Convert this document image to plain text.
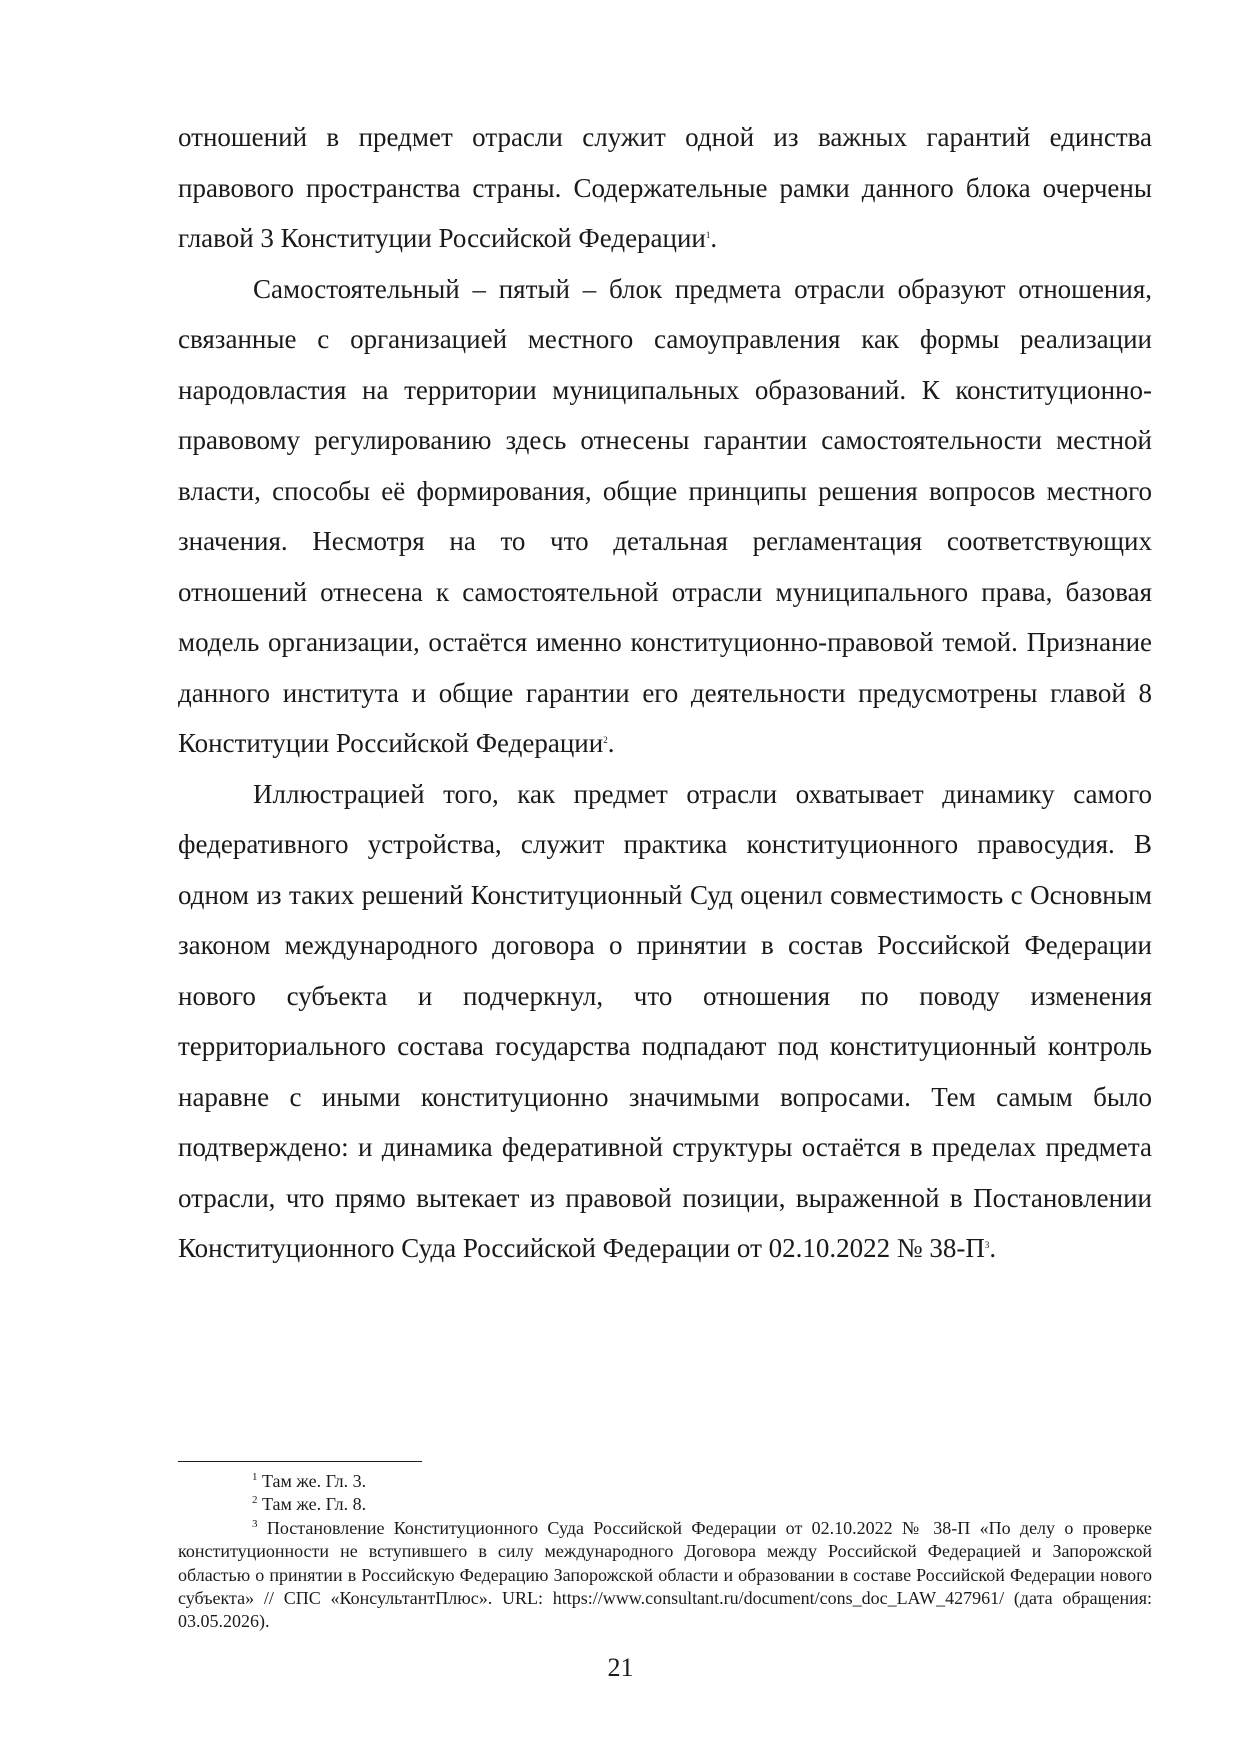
отношений в предмет отрасли служит одной из важных гарантий единства правового пространства страны. Содержательные рамки данного блока очерчены главой 3 Конституции Российской Федерации$^1$.

Самостоятельный – пятый – блок предмета отрасли образуют отношения, связанные с организацией местного самоуправления как формы реализации народовластия на территории муниципальных образований. К конституционно-правовому регулированию здесь отнесены гарантии самостоятельности местной власти, способы её формирования, общие принципы решения вопросов местного значения. Несмотря на то что детальная регламентация соответствующих отношений отнесена к самостоятельной отрасли муниципального права, базовая модель организации, остаётся именно конституционно-правовой темой. Признание данного института и общие гарантии его деятельности предусмотрены главой 8 Конституции Российской Федерации$^2$.

Иллюстрацией того, как предмет отрасли охватывает динамику самого федеративного устройства, служит практика конституционного правосудия. В одном из таких решений Конституционный Суд оценил совместимость с Основным законом международного договора о принятии в состав Российской Федерации нового субъекта и подчеркнул, что отношения по поводу изменения территориального состава государства подпадают под конституционный контроль наравне с иными конституционно значимыми вопросами. Тем самым было подтверждено: и динамика федеративной структуры остаётся в пределах предмета отрасли, что прямо вытекает из правовой позиции, выраженной в Постановлении Конституционного Суда Российской Федерации от 02.10.2022 № 38-П$^3$.

$^1$ Там же. Гл. 3.

$^2$ Там же. Гл. 8.

$^3$ Постановление Конституционного Суда Российской Федерации от 02.10.2022 № 38-П «По делу о проверке конституционности не вступившего в силу международного Договора между Российской Федерацией и Запорожской областью о принятии в Российскую Федерацию Запорожской области и образовании в составе Российской Федерации нового субъекта» // СПС «КонсультантПлюс». URL: https://www.consultant.ru/document/cons_doc_LAW_427961/ (дата обращения: 03.05.2026).

21
